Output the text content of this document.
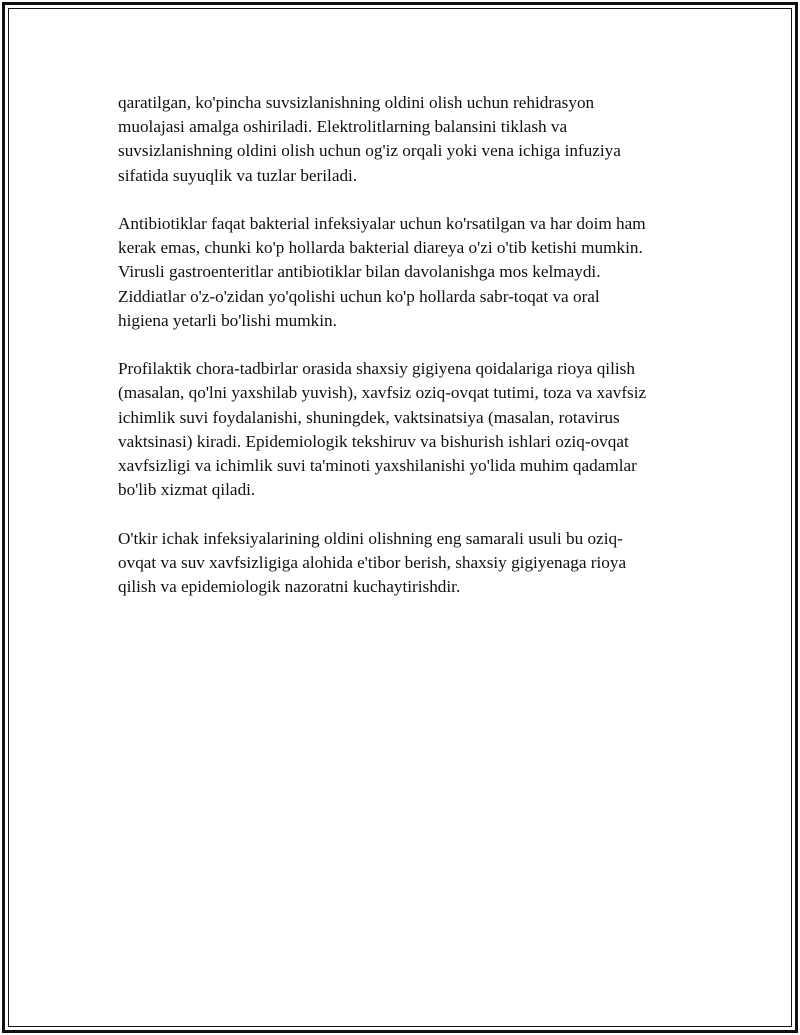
qaratilgan, ko'pincha suvsizlanishning oldini olish uchun rehidrasyon
muolajasi amalga oshiriladi. Elektrolitlarning balansini tiklash va
suvsizlanishning oldini olish uchun og'iz orqali yoki vena ichiga infuziya
sifatida suyuqlik va tuzlar beriladi.

Antibiotiklar faqat bakterial infeksiyalar uchun ko'rsatilgan va har doim ham
kerak emas, chunki ko'p hollarda bakterial diareya o'zi o'tib ketishi mumkin.
Virusli gastroenteritlar antibiotiklar bilan davolanishga mos kelmaydi.
Ziddiatlar o'z-o'zidan yo'qolishi uchun ko'p hollarda sabr-toqat va oral
higiena yetarli bo'lishi mumkin.

Profilaktik chora-tadbirlar orasida shaxsiy gigiyena qoidalariga rioya qilish
(masalan, qo'lni yaxshilab yuvish), xavfsiz oziq-ovqat tutimi, toza va xavfsiz
ichimlik suvi foydalanishi, shuningdek, vaktsinatsiya (masalan, rotavirus
vaktsinasi) kiradi. Epidemiologik tekshiruv va bishurish ishlari oziq-ovqat
xavfsizligi va ichimlik suvi ta'minoti yaxshilanishi yo'lida muhim qadamlar
bo'lib xizmat qiladi.

O'tkir ichak infeksiyalarining oldini olishning eng samarali usuli bu oziq-
ovqat va suv xavfsizligiga alohida e'tibor berish, shaxsiy gigiyenaga rioya
qilish va epidemiologik nazoratni kuchaytirishdir.
